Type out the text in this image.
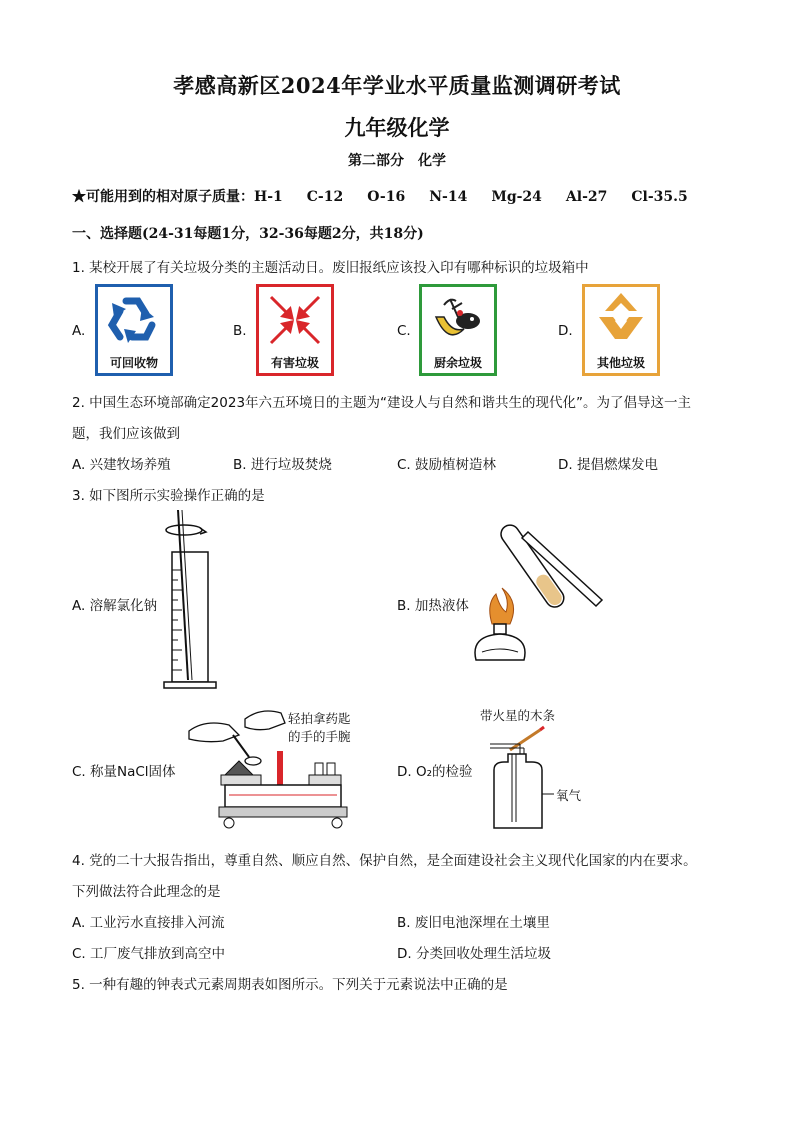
孝感高新区2024年学业水平质量监测调研考试
九年级化学
第二部分　化学
★可能用到的相对原子质量：H-1 C-12 O-16 N-14 Mg-24 Al-27 Cl-35.5
一、选择题(24-31每题1分，32-36每题2分，共18分)
1. 某校开展了有关垃圾分类的主题活动日。废旧报纸应该投入印有哪种标识的垃圾箱中
A.
可回收物
B.
有害垃圾
C.
厨余垃圾
D.
其他垃圾
2. 中国生态环境部确定2023年六五环境日的主题为“建设人与自然和谐共生的现代化”。为了倡导这一主
题，我们应该做到
A. 兴建牧场养殖	B. 进行垃圾焚烧	C. 鼓励植树造林	D. 提倡燃煤发电
3. 如下图所示实验操作正确的是
A. 溶解氯化钠	B. 加热液体
C. 称量NaCl固体
轻拍拿药匙
的手的手腕
D. O₂的检验
带火星的木条
氧气
4. 党的二十大报告指出，尊重自然、顺应自然、保护自然，是全面建设社会主义现代化国家的内在要求。
下列做法符合此理念的是
A. 工业污水直接排入河流	B. 废旧电池深埋在土壤里
C. 工厂废气排放到高空中	D. 分类回收处理生活垃圾
5. 一种有趣的钟表式元素周期表如图所示。下列关于元素说法中正确的是
